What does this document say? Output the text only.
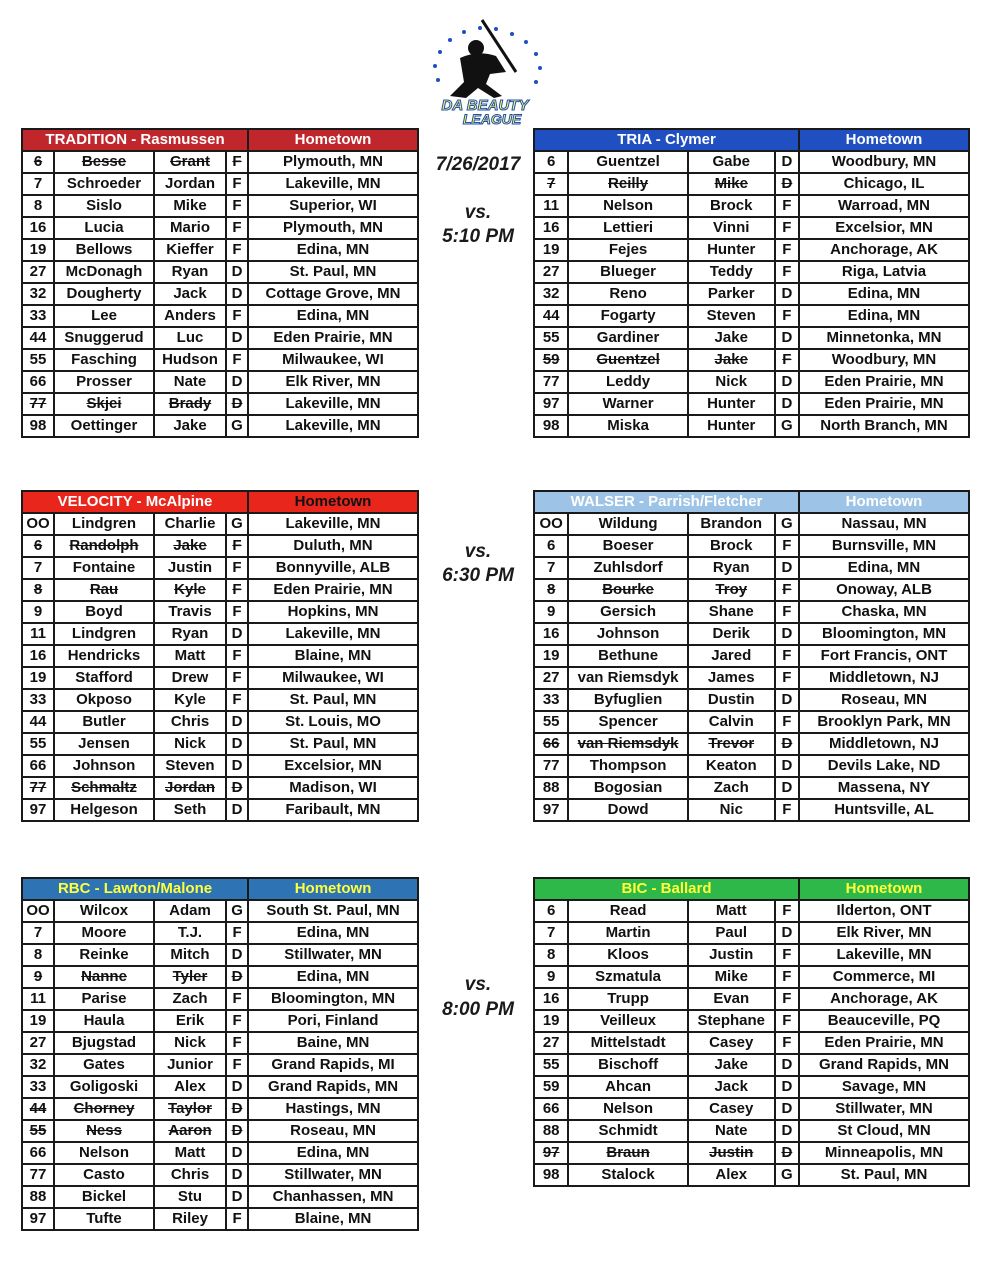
DA BEAUTY
LEAGUE
7/26/2017
vs.
5:10 PM
vs.
6:30 PM
vs.
8:00 PM
TRADITION - Rasmussen				Hometown
6	Besse	Grant	F	Plymouth, MN
7	Schroeder	Jordan	F	Lakeville, MN
8	Sislo	Mike	F	Superior, WI
16	Lucia	Mario	F	Plymouth, MN
19	Bellows	Kieffer	F	Edina, MN
27	McDonagh	Ryan	D	St. Paul, MN
32	Dougherty	Jack	D	Cottage Grove, MN
33	Lee	Anders	F	Edina, MN
44	Snuggerud	Luc	D	Eden Prairie, MN
55	Fasching	Hudson	F	Milwaukee, WI
66	Prosser	Nate	D	Elk River, MN
77	Skjei	Brady	D	Lakeville, MN
98	Oettinger	Jake	G	Lakeville, MN
TRIA - Clymer				Hometown
6	Guentzel	Gabe	D	Woodbury, MN
7	Reilly	Mike	D	Chicago, IL
11	Nelson	Brock	F	Warroad, MN
16	Lettieri	Vinni	F	Excelsior, MN
19	Fejes	Hunter	F	Anchorage, AK
27	Blueger	Teddy	F	Riga, Latvia
32	Reno	Parker	D	Edina, MN
44	Fogarty	Steven	F	Edina, MN
55	Gardiner	Jake	D	Minnetonka, MN
59	Guentzel	Jake	F	Woodbury, MN
77	Leddy	Nick	D	Eden Prairie, MN
97	Warner	Hunter	D	Eden Prairie, MN
98	Miska	Hunter	G	North Branch, MN
VELOCITY - McAlpine				Hometown
OO	Lindgren	Charlie	G	Lakeville, MN
6	Randolph	Jake	F	Duluth, MN
7	Fontaine	Justin	F	Bonnyville, ALB
8	Rau	Kyle	F	Eden Prairie, MN
9	Boyd	Travis	F	Hopkins, MN
11	Lindgren	Ryan	D	Lakeville, MN
16	Hendricks	Matt	F	Blaine, MN
19	Stafford	Drew	F	Milwaukee, WI
33	Okposo	Kyle	F	St. Paul, MN
44	Butler	Chris	D	St. Louis, MO
55	Jensen	Nick	D	St. Paul, MN
66	Johnson	Steven	D	Excelsior, MN
77	Schmaltz	Jordan	D	Madison, WI
97	Helgeson	Seth	D	Faribault, MN
WALSER - Parrish/Fletcher				Hometown
OO	Wildung	Brandon	G	Nassau, MN
6	Boeser	Brock	F	Burnsville, MN
7	Zuhlsdorf	Ryan	D	Edina, MN
8	Bourke	Troy	F	Onoway, ALB
9	Gersich	Shane	F	Chaska, MN
16	Johnson	Derik	D	Bloomington, MN
19	Bethune	Jared	F	Fort Francis, ONT
27	van Riemsdyk	James	F	Middletown, NJ
33	Byfuglien	Dustin	D	Roseau, MN
55	Spencer	Calvin	F	Brooklyn Park, MN
66	van Riemsdyk	Trevor	D	Middletown, NJ
77	Thompson	Keaton	D	Devils Lake, ND
88	Bogosian	Zach	D	Massena, NY
97	Dowd	Nic	F	Huntsville, AL
RBC - Lawton/Malone				Hometown
OO	Wilcox	Adam	G	South St. Paul, MN
7	Moore	T.J.	F	Edina, MN
8	Reinke	Mitch	D	Stillwater, MN
9	Nanne	Tyler	D	Edina, MN
11	Parise	Zach	F	Bloomington, MN
19	Haula	Erik	F	Pori, Finland
27	Bjugstad	Nick	F	Baine, MN
32	Gates	Junior	F	Grand Rapids, MI
33	Goligoski	Alex	D	Grand Rapids, MN
44	Chorney	Taylor	D	Hastings, MN
55	Ness	Aaron	D	Roseau, MN
66	Nelson	Matt	D	Edina, MN
77	Casto	Chris	D	Stillwater, MN
88	Bickel	Stu	D	Chanhassen, MN
97	Tufte	Riley	F	Blaine, MN
BIC - Ballard				Hometown
6	Read	Matt	F	Ilderton, ONT
7	Martin	Paul	D	Elk River, MN
8	Kloos	Justin	F	Lakeville, MN
9	Szmatula	Mike	F	Commerce, MI
16	Trupp	Evan	F	Anchorage, AK
19	Veilleux	Stephane	F	Beauceville, PQ
27	Mittelstadt	Casey	F	Eden Prairie, MN
55	Bischoff	Jake	D	Grand Rapids, MN
59	Ahcan	Jack	D	Savage, MN
66	Nelson	Casey	D	Stillwater, MN
88	Schmidt	Nate	D	St Cloud, MN
97	Braun	Justin	D	Minneapolis, MN
98	Stalock	Alex	G	St. Paul, MN
